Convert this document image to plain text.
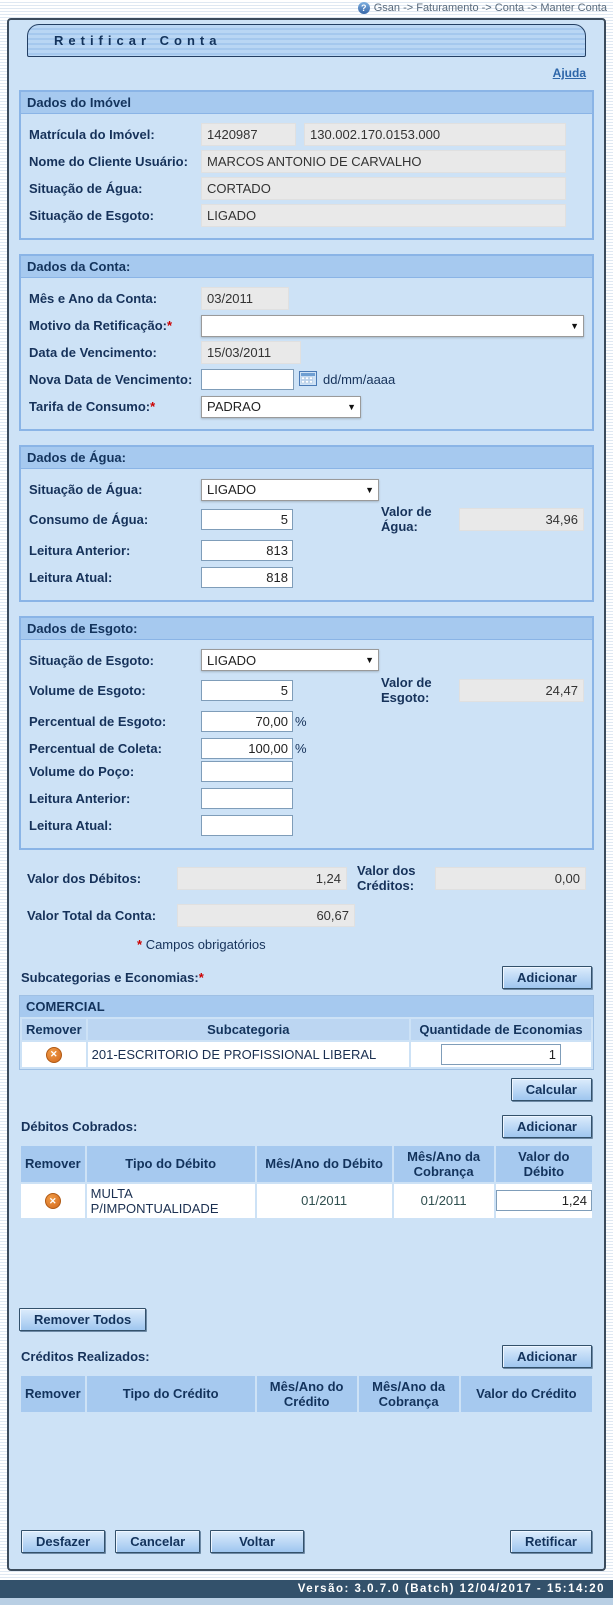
? Gsan -> Faturamento -> Conta -> Manter Conta
Retificar Conta
Ajuda
Dados do Imóvel
Matrícula do Imóvel:	1420987	130.002.170.0153.000
Nome do Cliente Usuário:	MARCOS ANTONIO DE CARVALHO
Situação de Água:	CORTADO
Situação de Esgoto:	LIGADO
Dados da Conta:
Mês e Ano da Conta:	03/2011
Motivo da Retificação:*	▼
Data de Vencimento:	15/03/2011
Nova Data de Vencimento:	dd/mm/aaaa
Tarifa de Consumo:*	PADRAO	▼
Dados de Água:
Situação de Água:	LIGADO	▼
Consumo de Água:
5
Valor de Água:	34,96
Leitura Anterior:
813
Leitura Atual:
818
Dados de Esgoto:
Situação de Esgoto:	LIGADO	▼
Volume de Esgoto:
5
Valor de Esgoto:	24,47
Percentual de Esgoto:
70,00	%
Percentual de Coleta:
100,00	%
Volume do Poço:
Leitura Anterior:
Leitura Atual:
Valor dos Débitos:	1,24
Valor dos Créditos:	0,00
Valor Total da Conta:	60,67
* Campos obrigatórios
Subcategorias e Economias:*	Adicionar
COMERCIAL
Remover	Subcategoria	Quantidade de Economias
✕	201-ESCRITORIO DE PROFISSIONAL LIBERAL	1
Calcular
Débitos Cobrados:	Adicionar
Remover	Tipo do Débito	Mês/Ano do Débito	Mês/Ano da Cobrança	Valor do Débito
✕	MULTA P/IMPONTUALIDADE	01/2011	01/2011	1,24
Remover Todos
Créditos Realizados:	Adicionar
Remover	Tipo do Crédito	Mês/Ano do Crédito	Mês/Ano da Cobrança	Valor do Crédito
Desfazer	Cancelar	Voltar	Retificar
Versão: 3.0.7.0 (Batch) 12/04/2017 - 15:14:20
